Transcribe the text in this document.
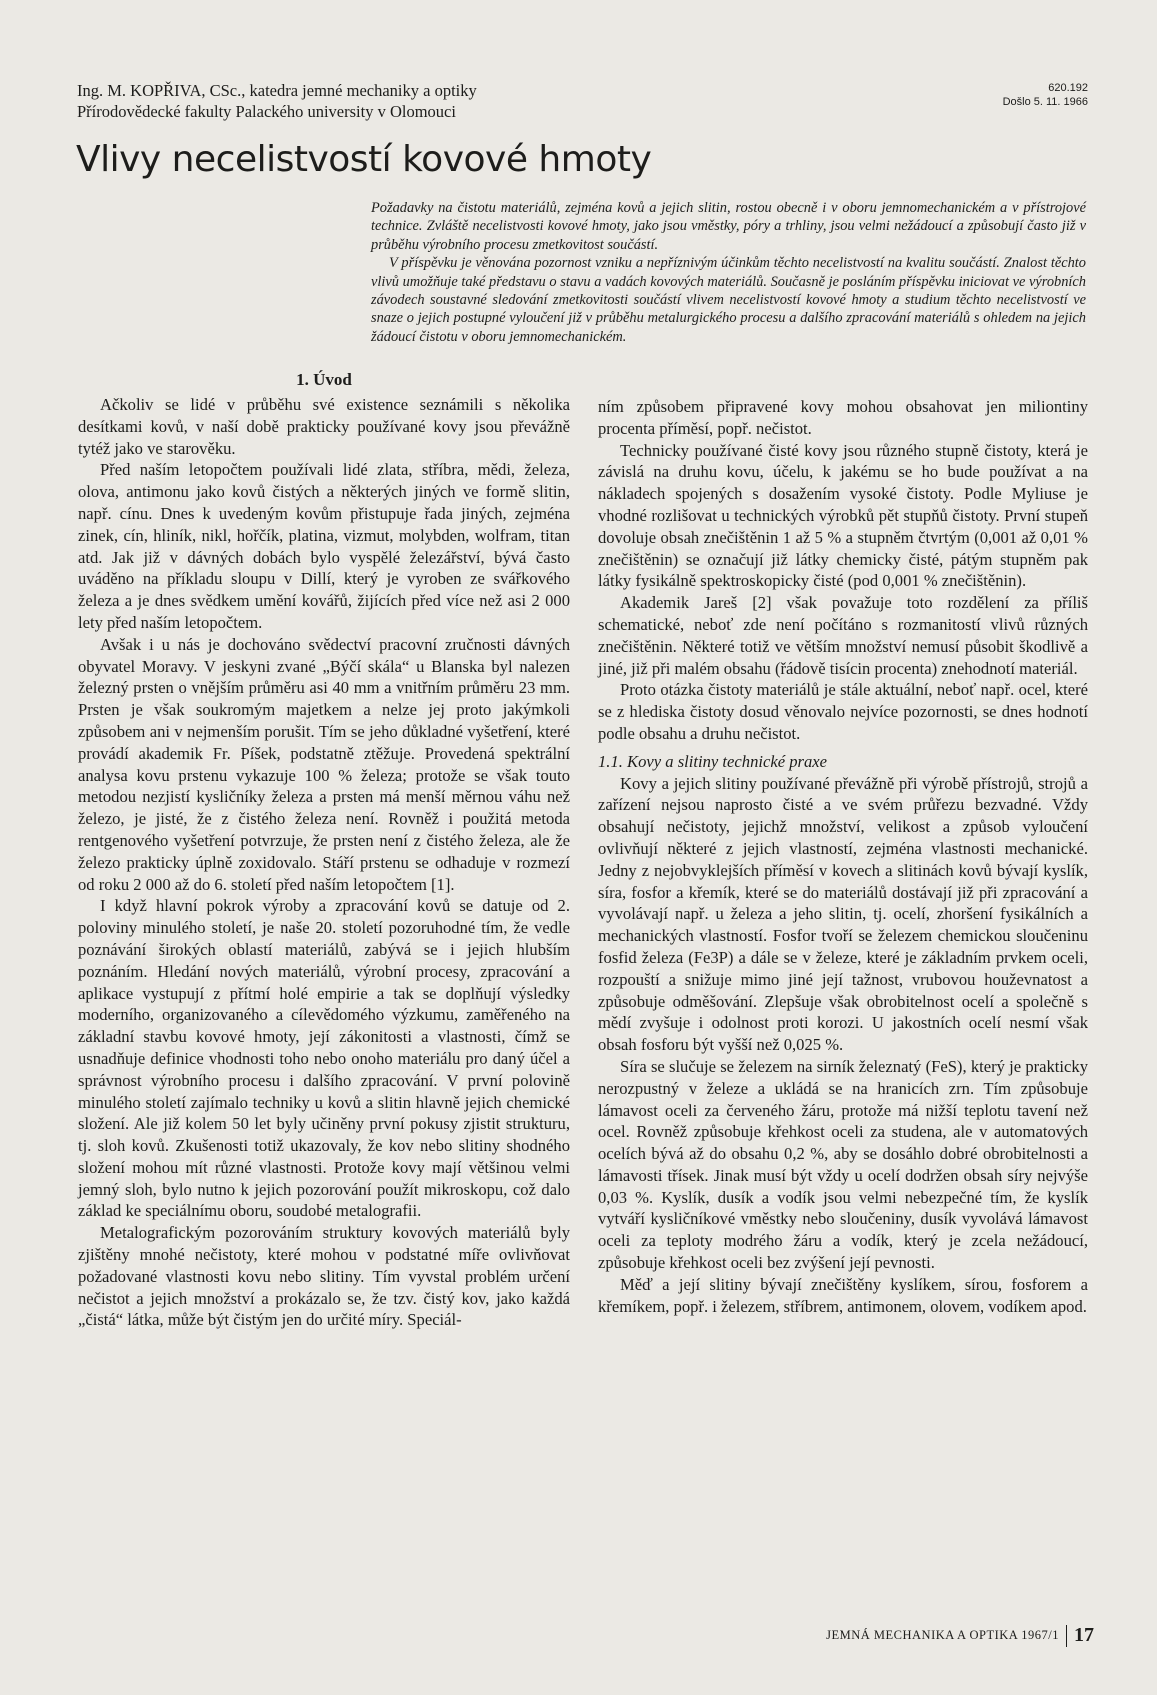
Ing. M. KOPŘIVA, CSc., katedra jemné mechaniky a optiky
Přírodovědecké fakulty Palackého university v Olomouci
620.192
Došlo 5. 11. 1966
Vlivy necelistvostí kovové hmoty

Požadavky na čistotu materiálů, zejména kovů a jejich slitin, rostou obecně i v oboru jemnomechanickém a v přístrojové technice. Zvláště necelistvosti kovové hmoty, jako jsou vměstky, póry a trhliny, jsou velmi nežádoucí a způsobují často již v průběhu výrobního procesu zmetkovitost součástí.

V příspěvku je věnována pozornost vzniku a nepříznivým účinkům těchto necelistvostí na kvalitu součástí. Znalost těchto vlivů umožňuje také představu o stavu a vadách kovových materiálů. Současně je posláním příspěvku iniciovat ve výrobních závodech soustavné sledování zmetkovitosti součástí vlivem necelistvostí kovové hmoty a studium těchto necelistvostí ve snaze o jejich postupné vyloučení již v průběhu metalurgického procesu a dalšího zpracování materiálů s ohledem na jejich žádoucí čistotu v oboru jemnomechanickém.

1. Úvod

Ačkoliv se lidé v průběhu své existence seznámili s několika desítkami kovů, v naší době prakticky používané kovy jsou převážně tytéž jako ve starověku.

Před naším letopočtem používali lidé zlata, stříbra, mědi, železa, olova, antimonu jako kovů čistých a některých jiných ve formě slitin, např. cínu. Dnes k uvedeným kovům přistupuje řada jiných, zejména zinek, cín, hliník, nikl, hořčík, platina, vizmut, molybden, wolfram, titan atd. Jak již v dávných dobách bylo vyspělé železářství, bývá často uváděno na příkladu sloupu v Dillí, který je vyroben ze svářkového železa a je dnes svědkem umění kovářů, žijících před více než asi 2 000 lety před naším letopočtem.

Avšak i u nás je dochováno svědectví pracovní zručnosti dávných obyvatel Moravy. V jeskyni zvané „Býčí skála“ u Blanska byl nalezen železný prsten o vnějším průměru asi 40 mm a vnitřním průměru 23 mm. Prsten je však soukromým majetkem a nelze jej proto jakýmkoli způsobem ani v nejmenším porušit. Tím se jeho důkladné vyšetření, které provádí akademik Fr. Píšek, podstatně ztěžuje. Provedená spektrální analysa kovu prstenu vykazuje 100 % železa; protože se však touto metodou nezjistí kysličníky železa a prsten má menší měrnou váhu než železo, je jisté, že z čistého železa není. Rovněž i použitá metoda rentgenového vyšetření potvrzuje, že prsten není z čistého železa, ale že železo prakticky úplně zoxidovalo. Stáří prstenu se odhaduje v rozmezí od roku 2 000 až do 6. století před naším letopočtem [1].

I když hlavní pokrok výroby a zpracování kovů se datuje od 2. poloviny minulého století, je naše 20. století pozoruhodné tím, že vedle poznávání širokých oblastí materiálů, zabývá se i jejich hlubším poznáním. Hledání nových materiálů, výrobní procesy, zpracování a aplikace vystupují z přítmí holé empirie a tak se doplňují výsledky moderního, organizovaného a cílevědomého výzkumu, zaměřeného na základní stavbu kovové hmoty, její zákonitosti a vlastnosti, čímž se usnadňuje definice vhodnosti toho nebo onoho materiálu pro daný účel a správnost výrobního procesu i dalšího zpracování. V první polovině minulého století zajímalo techniky u kovů a slitin hlavně jejich chemické složení. Ale již kolem 50 let byly učiněny první pokusy zjistit strukturu, tj. sloh kovů. Zkušenosti totiž ukazovaly, že kov nebo slitiny shodného složení mohou mít různé vlastnosti. Protože kovy mají většinou velmi jemný sloh, bylo nutno k jejich pozorování použít mikroskopu, což dalo základ ke speciálnímu oboru, soudobé metalografii.

Metalografickým pozorováním struktury kovových materiálů byly zjištěny mnohé nečistoty, které mohou v podstatné míře ovlivňovat požadované vlastnosti kovu nebo slitiny. Tím vyvstal problém určení nečistot a jejich množství a prokázalo se, že tzv. čistý kov, jako každá „čistá“ látka, může být čistým jen do určité míry. Speciál-

ním způsobem připravené kovy mohou obsahovat jen miliontiny procenta příměsí, popř. nečistot.

Technicky používané čisté kovy jsou různého stupně čistoty, která je závislá na druhu kovu, účelu, k jakému se ho bude používat a na nákladech spojených s dosažením vysoké čistoty. Podle Myliuse je vhodné rozlišovat u technických výrobků pět stupňů čistoty. První stupeň dovoluje obsah znečištěnin 1 až 5 % a stupněm čtvrtým (0,001 až 0,01 % znečištěnin) se označují již látky chemicky čisté, pátým stupněm pak látky fysikálně spektroskopicky čisté (pod 0,001 % znečištěnin).

Akademik Jareš [2] však považuje toto rozdělení za příliš schematické, neboť zde není počítáno s rozmanitostí vlivů různých znečištěnin. Některé totiž ve větším množství nemusí působit škodlivě a jiné, již při malém obsahu (řádově tisícin procenta) znehodnotí materiál.

Proto otázka čistoty materiálů je stále aktuální, neboť např. ocel, které se z hlediska čistoty dosud věnovalo nejvíce pozornosti, se dnes hodnotí podle obsahu a druhu nečistot.

1.1. Kovy a slitiny technické praxe

Kovy a jejich slitiny používané převážně při výrobě přístrojů, strojů a zařízení nejsou naprosto čisté a ve svém průřezu bezvadné. Vždy obsahují nečistoty, jejichž množství, velikost a způsob vyloučení ovlivňují některé z jejich vlastností, zejména vlastnosti mechanické. Jedny z nejobvyklejších příměsí v kovech a slitinách kovů bývají kyslík, síra, fosfor a křemík, které se do materiálů dostávají již při zpracování a vyvolávají např. u železa a jeho slitin, tj. ocelí, zhoršení fysikálních a mechanických vlastností. Fosfor tvoří se železem chemickou sloučeninu fosfid železa (Fe3P) a dále se v železe, které je základním prvkem oceli, rozpouští a snižuje mimo jiné její tažnost, vrubovou houževnatost a způsobuje odměšování. Zlepšuje však obrobitelnost ocelí a společně s mědí zvyšuje i odolnost proti korozi. U jakostních ocelí nesmí však obsah fosforu být vyšší než 0,025 %.

Síra se slučuje se železem na sirník železnatý (FeS), který je prakticky nerozpustný v železe a ukládá se na hranicích zrn. Tím způsobuje lámavost oceli za červeného žáru, protože má nižší teplotu tavení než ocel. Rovněž způsobuje křehkost oceli za studena, ale v automatových ocelích bývá až do obsahu 0,2 %, aby se dosáhlo dobré obrobitelnosti a lámavosti třísek. Jinak musí být vždy u ocelí dodržen obsah síry nejvýše 0,03 %. Kyslík, dusík a vodík jsou velmi nebezpečné tím, že kyslík vytváří kysličníkové vměstky nebo sloučeniny, dusík vyvolává lámavost oceli za teploty modrého žáru a vodík, který je zcela nežádoucí, způsobuje křehkost oceli bez zvýšení její pevnosti.

Měď a její slitiny bývají znečištěny kyslíkem, sírou, fosforem a křemíkem, popř. i železem, stříbrem, antimonem, olovem, vodíkem apod.

JEMNÁ MECHANIKA A OPTIKA 1967/1 17
